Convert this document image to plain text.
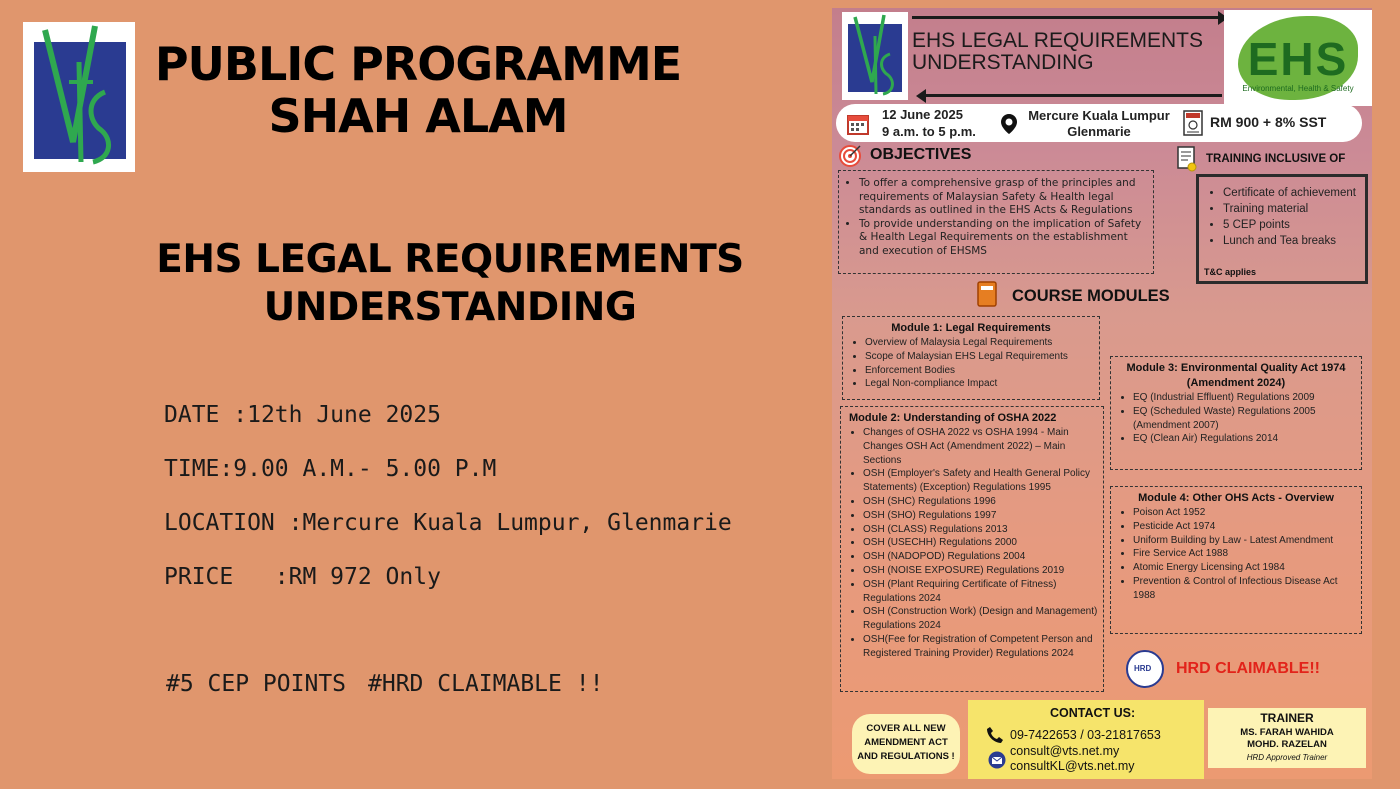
PUBLIC PROGRAMME
SHAH ALAM
EHS LEGAL REQUIREMENTS
UNDERSTANDING
DATE :12th June 2025
TIME:9.00 A.M.- 5.00 P.M
LOCATION :Mercure Kuala Lumpur, Glenmarie
PRICE   :RM 972 Only
#5 CEP POINTS #HRD CLAIMABLE !!
EHS LEGAL REQUIREMENTS
UNDERSTANDING	EHS
Environmental, Health & Safety
12 June 2025
9 a.m. to 5 p.m.
Mercure Kuala Lumpur
Glenmarie
RM 900 + 8% SST
OBJECTIVES
• To offer a comprehensive grasp of the principles and requirements of Malaysian Safety & Health legal standards as outlined in the EHS Acts & Regulations
• To provide understanding on the implication of Safety & Health Legal Requirements on the establishment and execution of EHSMS
TRAINING INCLUSIVE OF
• Certificate of achievement
• Training material
• 5 CEP points
• Lunch and Tea breaks
T&C applies
COURSE MODULES
Module 1: Legal Requirements
• Overview of Malaysia Legal Requirements
• Scope of Malaysian EHS Legal Requirements
• Enforcement Bodies
• Legal Non-compliance Impact
Module 2: Understanding of OSHA 2022
• Changes of OSHA 2022 vs OSHA 1994 - Main Changes OSH Act (Amendment 2022) – Main Sections
• OSH (Employer's Safety and Health General Policy Statements) (Exception) Regulations 1995
• OSH (SHC) Regulations 1996
• OSH (SHO) Regulations 1997
• OSH (CLASS) Regulations 2013
• OSH (USECHH) Regulations 2000
• OSH (NADOPOD) Regulations 2004
• OSH (NOISE EXPOSURE) Regulations 2019
• OSH (Plant Requiring Certificate of Fitness) Regulations 2024
• OSH (Construction Work) (Design and Management) Regulations 2024
• OSH(Fee for Registration of Competent Person and Registered Training Provider) Regulations 2024
Module 3: Environmental Quality Act 1974 (Amendment 2024)
• EQ (Industrial Effluent) Regulations 2009
• EQ (Scheduled Waste) Regulations 2005 (Amendment 2007)
• EQ (Clean Air) Regulations 2014
Module 4: Other OHS Acts - Overview
• Poison Act 1952
• Pesticide Act 1974
• Uniform Building by Law - Latest Amendment
• Fire Service Act 1988
• Atomic Energy Licensing Act 1984
• Prevention & Control of Infectious Disease Act 1988
HRD HRD CLAIMABLE!!
COVER ALL NEW
AMENDMENT ACT
AND REGULATIONS !
CONTACT US:
09-7422653 / 03-21817653
consult@vts.net.my
consultKL@vts.net.my
TRAINER
MS. FARAH WAHIDA
MOHD. RAZELAN
HRD Approved Trainer
